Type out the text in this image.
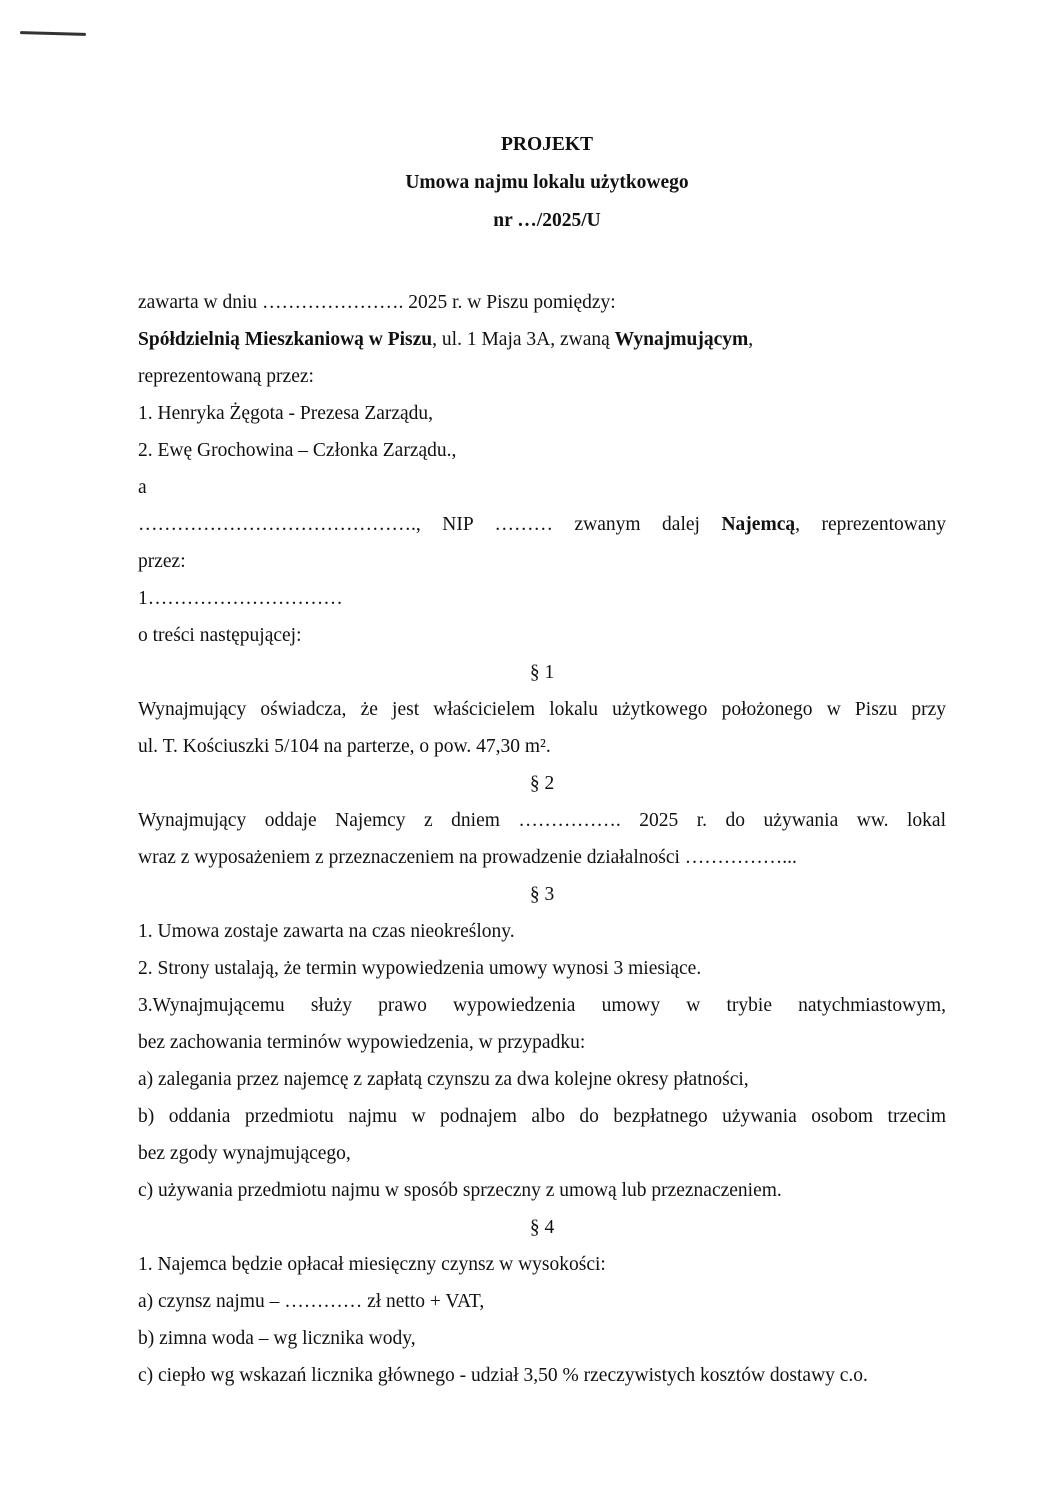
PROJEKT
Umowa najmu lokalu użytkowego
nr …/2025/U
zawarta w dniu …………………. 2025 r. w Piszu pomiędzy:
Spółdzielnią Mieszkaniową w Piszu, ul. 1 Maja 3A, zwaną Wynajmującym,
reprezentowaną przez:
1. Henryka Żęgota - Prezesa Zarządu,
2. Ewę Grochowina – Członka Zarządu.,
a
……………………………………., NIP ……… zwanym dalej Najemcą, reprezentowany
przez:
1…………………………
o treści następującej:
§ 1
Wynajmujący oświadcza, że jest właścicielem lokalu użytkowego położonego w Piszu przy
ul. T. Kościuszki 5/104 na parterze, o pow. 47,30 m².
§ 2
Wynajmujący oddaje Najemcy z dniem ……………. 2025 r. do używania ww. lokal
wraz z wyposażeniem z przeznaczeniem na prowadzenie działalności ……………...
§ 3
1. Umowa zostaje zawarta na czas nieokreślony.
2. Strony ustalają, że termin wypowiedzenia umowy wynosi 3 miesiące.
3.Wynajmującemu służy prawo wypowiedzenia umowy w trybie natychmiastowym,
bez zachowania terminów wypowiedzenia, w przypadku:
a) zalegania przez najemcę z zapłatą czynszu za dwa kolejne okresy płatności,
b) oddania przedmiotu najmu w podnajem albo do bezpłatnego używania osobom trzecim
bez zgody wynajmującego,
c) używania przedmiotu najmu w sposób sprzeczny z umową lub przeznaczeniem.
§ 4
1. Najemca będzie opłacał miesięczny czynsz w wysokości:
a) czynsz najmu – ………… zł netto + VAT,
b) zimna woda – wg licznika wody,
c) ciepło wg wskazań licznika głównego - udział 3,50 % rzeczywistych kosztów dostawy c.o.
